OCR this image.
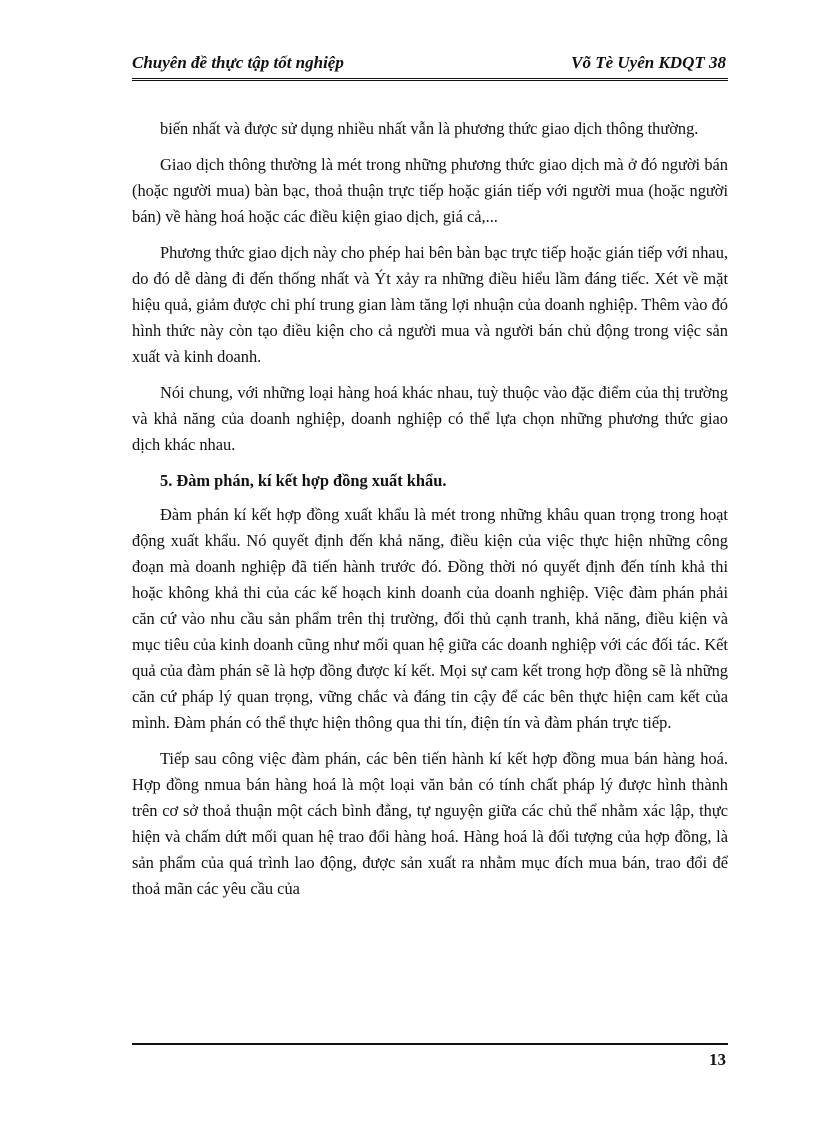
Chuyên đề thực tập tốt nghiệp	Võ Tè Uyên KDQT 38

biến nhất và được sử dụng nhiều nhất vẫn là phương thức giao dịch thông thường.

Giao dịch thông thường là mét trong những phương thức giao dịch mà ở đó người bán (hoặc người mua) bàn bạc, thoả thuận trực tiếp hoặc gián tiếp với người mua (hoặc người bán) về hàng hoá hoặc các điều kiện giao dịch, giá cả,...

Phương thức giao dịch này cho phép hai bên bàn bạc trực tiếp hoặc gián tiếp với nhau, do đó dễ dàng đi đến thống nhất và Ýt xảy ra những điều hiểu lầm đáng tiếc. Xét về mặt hiệu quả, giảm được chi phí trung gian làm tăng lợi nhuận của doanh nghiệp. Thêm vào đó hình thức này còn tạo điều kiện cho cả người mua và người bán chủ động trong việc sản xuất và kinh doanh.

Nói chung, với những loại hàng hoá khác nhau, tuỳ thuộc vào đặc điểm của thị trường và khả năng của doanh nghiệp, doanh nghiệp có thể lựa chọn những phương thức giao dịch khác nhau.

5. Đàm phán, kí kết hợp đồng xuất khẩu.

Đàm phán kí kết hợp đồng xuất khẩu là mét trong những khâu quan trọng trong hoạt động xuất khẩu. Nó quyết định đến khả năng, điều kiện của việc thực hiện những công đoạn mà doanh nghiệp đã tiến hành trước đó. Đồng thời nó quyết định đến tính khả thi hoặc không khả thi của các kế hoạch kinh doanh của doanh nghiệp. Việc đàm phán phải căn cứ vào nhu cầu sản phẩm trên thị trường, đối thủ cạnh tranh, khả năng, điều kiện và mục tiêu của kinh doanh cũng như mối quan hệ giữa các doanh nghiệp với các đối tác. Kết quả của đàm phán sẽ là hợp đồng được kí kết. Mọi sự cam kết trong hợp đồng sẽ là những căn cứ pháp lý quan trọng, vững chắc và đáng tin cậy để các bên thực hiện cam kết của mình. Đàm phán có thể thực hiện thông qua thi tín, điện tín và đàm phán trực tiếp.

Tiếp sau công việc đàm phán, các bên tiến hành kí kết hợp đồng mua bán hàng hoá. Hợp đồng nmua bán hàng hoá là một loại văn bản có tính chất pháp lý được hình thành trên cơ sở thoả thuận một cách bình đẳng, tự nguyện giữa các chủ thể nhằm xác lập, thực hiện và chấm dứt mối quan hệ trao đổi hàng hoá. Hàng hoá là đối tượng của hợp đồng, là sản phẩm của quá trình lao động, được sản xuất ra nhằm mục đích mua bán, trao đổi để thoả mãn các yêu cầu của

13
